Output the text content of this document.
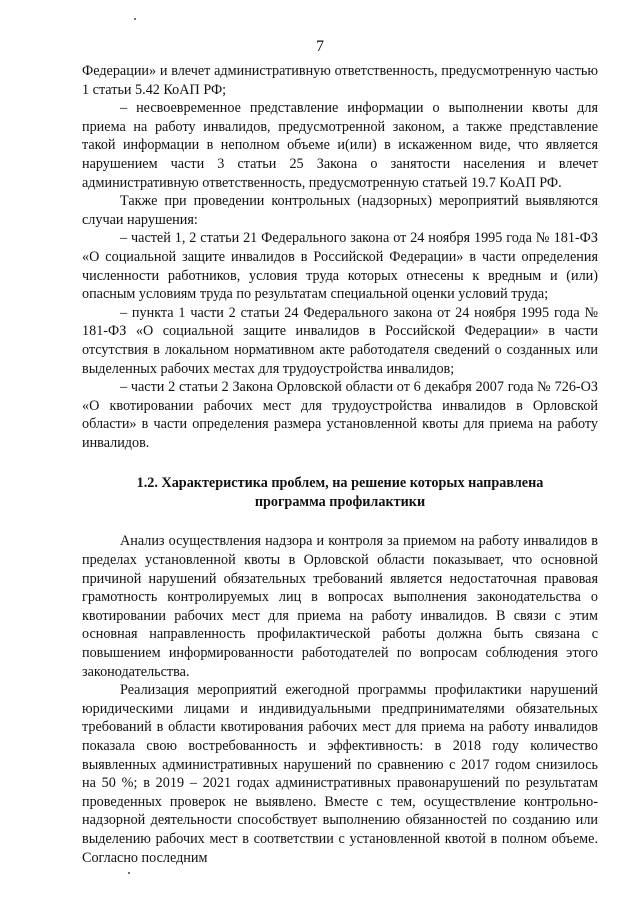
7

Федерации» и влечет административную ответственность, предусмотренную частью 1 статьи 5.42 КоАП РФ;

– несвоевременное представление информации о выполнении квоты для приема на работу инвалидов, предусмотренной законом, а также представление такой информации в неполном объеме и(или) в искаженном виде, что является нарушением части 3 статьи 25 Закона о занятости населения и влечет административную ответственность, предусмотренную статьей 19.7 КоАП РФ.

Также при проведении контрольных (надзорных) мероприятий выявляются случаи нарушения:

– частей 1, 2 статьи 21 Федерального закона от 24 ноября 1995 года № 181-ФЗ «О социальной защите инвалидов в Российской Федерации» в части определения численности работников, условия труда которых отнесены к вредным и (или) опасным условиям труда по результатам специальной оценки условий труда;

– пункта 1 части 2 статьи 24 Федерального закона от 24 ноября 1995 года № 181-ФЗ «О социальной защите инвалидов в Российской Федерации» в части отсутствия в локальном нормативном акте работодателя сведений о созданных или выделенных рабочих местах для трудоустройства инвалидов;

– части 2 статьи 2 Закона Орловской области от 6 декабря 2007 года № 726-ОЗ «О квотировании рабочих мест для трудоустройства инвалидов в Орловской области» в части определения размера установленной квоты для приема на работу инвалидов.

1.2. Характеристика проблем, на решение которых направлена
программа профилактики

Анализ осуществления надзора и контроля за приемом на работу инвалидов в пределах установленной квоты в Орловской области показывает, что основной причиной нарушений обязательных требований является недостаточная правовая грамотность контролируемых лиц в вопросах выполнения законодательства о квотировании рабочих мест для приема на работу инвалидов. В связи с этим основная направленность профилактической работы должна быть связана с повышением информированности работодателей по вопросам соблюдения этого законодательства.

Реализация мероприятий ежегодной программы профилактики нарушений юридическими лицами и индивидуальными предпринимателями обязательных требований в области квотирования рабочих мест для приема на работу инвалидов показала свою востребованность и эффективность: в 2018 году количество выявленных административных нарушений по сравнению с 2017 годом снизилось на 50 %; в 2019 – 2021 годах административных правонарушений по результатам проведенных проверок не выявлено. Вместе с тем, осуществление контрольно-надзорной деятельности способствует выполнению обязанностей по созданию или выделению рабочих мест в соответствии с установленной квотой в полном объеме. Согласно последним
